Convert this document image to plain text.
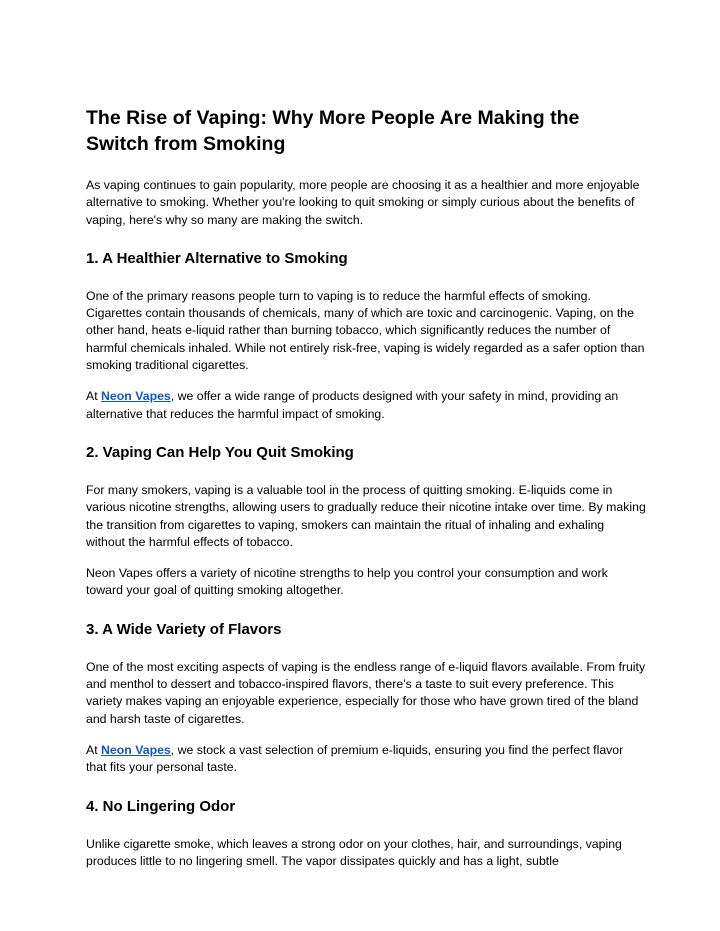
The Rise of Vaping: Why More People Are Making the Switch from Smoking

As vaping continues to gain popularity, more people are choosing it as a healthier and more enjoyable alternative to smoking. Whether you're looking to quit smoking or simply curious about the benefits of vaping, here's why so many are making the switch.

1. A Healthier Alternative to Smoking

One of the primary reasons people turn to vaping is to reduce the harmful effects of smoking. Cigarettes contain thousands of chemicals, many of which are toxic and carcinogenic. Vaping, on the other hand, heats e-liquid rather than burning tobacco, which significantly reduces the number of harmful chemicals inhaled. While not entirely risk-free, vaping is widely regarded as a safer option than smoking traditional cigarettes.

At Neon Vapes, we offer a wide range of products designed with your safety in mind, providing an alternative that reduces the harmful impact of smoking.

2. Vaping Can Help You Quit Smoking

For many smokers, vaping is a valuable tool in the process of quitting smoking. E-liquids come in various nicotine strengths, allowing users to gradually reduce their nicotine intake over time. By making the transition from cigarettes to vaping, smokers can maintain the ritual of inhaling and exhaling without the harmful effects of tobacco.

Neon Vapes offers a variety of nicotine strengths to help you control your consumption and work toward your goal of quitting smoking altogether.

3. A Wide Variety of Flavors

One of the most exciting aspects of vaping is the endless range of e-liquid flavors available. From fruity and menthol to dessert and tobacco-inspired flavors, there’s a taste to suit every preference. This variety makes vaping an enjoyable experience, especially for those who have grown tired of the bland and harsh taste of cigarettes.

At Neon Vapes, we stock a vast selection of premium e-liquids, ensuring you find the perfect flavor that fits your personal taste.

4. No Lingering Odor

Unlike cigarette smoke, which leaves a strong odor on your clothes, hair, and surroundings, vaping produces little to no lingering smell. The vapor dissipates quickly and has a light, subtle
